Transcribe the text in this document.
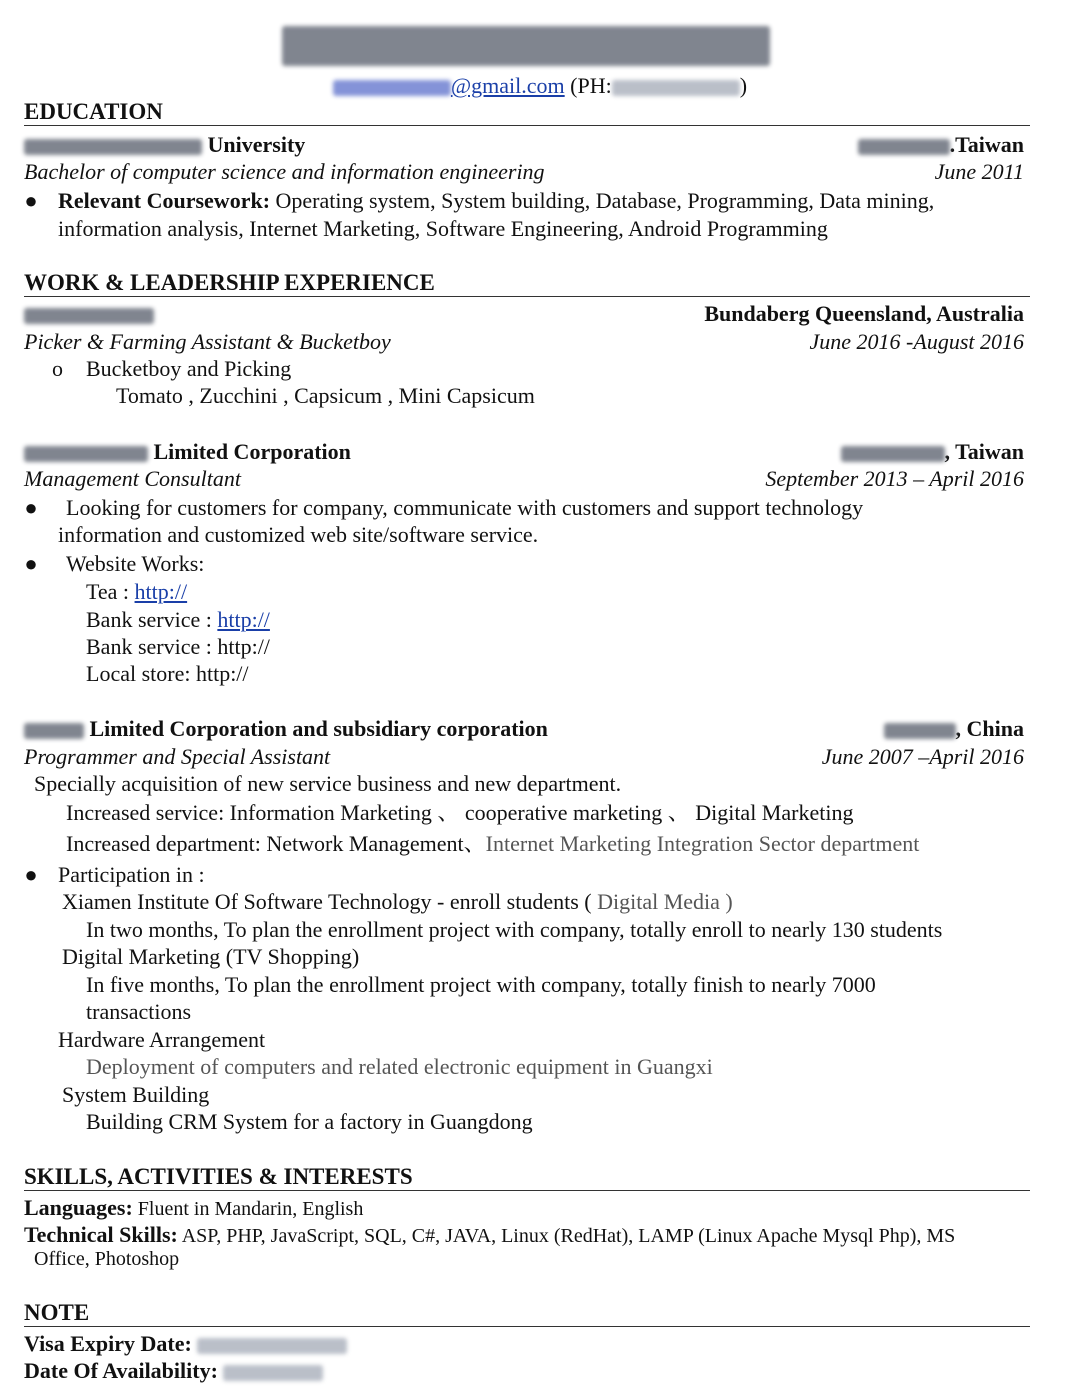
@gmail.com (PH:	)
EDUCATION
University	.Taiwan
Bachelor of computer science and information engineering	June 2011
● Relevant Coursework: Operating system, System building, Database, Programming, Data mining,
information analysis, Internet Marketing, Software Engineering, Android Programming
WORK & LEADERSHIP EXPERIENCE
Bundaberg Queensland, Australia
Picker & Farming Assistant & Bucketboy	June 2016 -August 2016
o Bucketboy and Picking
Tomato , Zucchini , Capsicum , Mini Capsicum
Limited Corporation	, Taiwan
Management Consultant	September 2013 – April 2016
● Looking for customers for company, communicate with customers and support technology
information and customized web site/software service.
● Website Works:
Tea : http://
Bank service : http://
Bank service : http://
Local store: http://
Limited Corporation and subsidiary corporation	, China
Programmer and Special Assistant	June 2007 –April 2016
Specially acquisition of new service business and new department.
Increased service: Information Marketing 、 cooperative marketing 、 Digital Marketing
Increased department: Network Management、Internet Marketing Integration Sector department
● Participation in :
Xiamen Institute Of Software Technology - enroll students ( Digital Media )
In two months, To plan the enrollment project with company, totally enroll to nearly 130 students
Digital Marketing (TV Shopping)
In five months, To plan the enrollment project with company, totally finish to nearly 7000
transactions
Hardware Arrangement
Deployment of computers and related electronic equipment in Guangxi
System Building
Building CRM System for a factory in Guangdong
SKILLS, ACTIVITIES & INTERESTS
Languages: Fluent in Mandarin, English
Technical Skills: ASP, PHP, JavaScript, SQL, C#, JAVA, Linux (RedHat), LAMP (Linux Apache Mysql Php), MS
Office, Photoshop
NOTE
Visa Expiry Date:
Date Of Availability:
